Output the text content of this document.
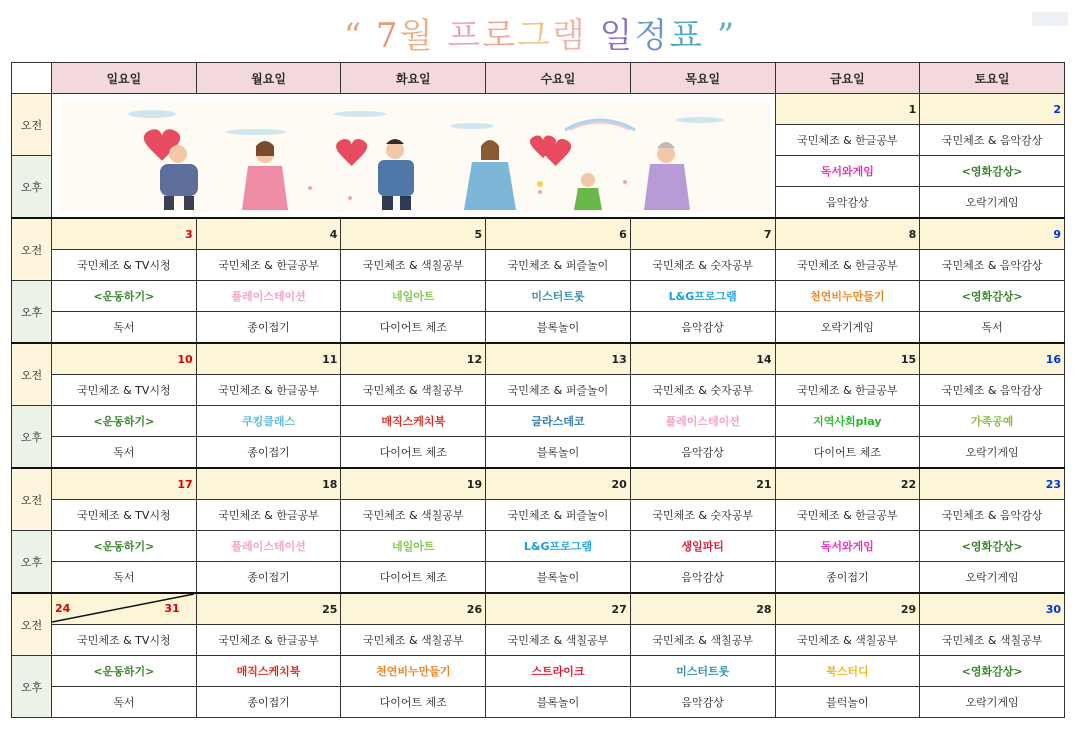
“ 7월 프로그램 일정표 ”

	일요일	월요일	화요일	수요일	목요일	금요일	토요일
오전						1	2
						국민체조 & 한글공부	국민체조 & 음악감상
오후						독서와게임	<영화감상>
						음악감상	오락기게임
오전	3	4	5	6	7	8	9
	국민체조 & TV시청	국민체조 & 한글공부	국민체조 & 색칠공부	국민체조 & 퍼즐놀이	국민체조 & 숫자공부	국민체조 & 한글공부	국민체조 & 음악감상
오후	<운동하기>	플레이스테이션	네일아트	미스터트롯	L&G프로그램	천연비누만들기	<영화감상>
	독서	종이접기	다이어트 체조	블록놀이	음악감상	오락기게임	독서
오전	10	11	12	13	14	15	16
	국민체조 & TV시청	국민체조 & 한글공부	국민체조 & 색칠공부	국민체조 & 퍼즐놀이	국민체조 & 숫자공부	국민체조 & 한글공부	국민체조 & 음악감상
오후	<운동하기>	쿠킹클래스	매직스케치북	글라스데코	플레이스테이션	지역사회play	가족공예
	독서	종이접기	다이어트 체조	블록놀이	음악감상	다이어트 체조	오락기게임
오전	17	18	19	20	21	22	23
	국민체조 & TV시청	국민체조 & 한글공부	국민체조 & 색칠공부	국민체조 & 퍼즐놀이	국민체조 & 숫자공부	국민체조 & 한글공부	국민체조 & 음악감상
오후	<운동하기>	플레이스테이션	네일아트	L&G프로그램	생일파티	독서와게임	<영화감상>
	독서	종이접기	다이어트 체조	블록놀이	음악감상	종이접기	오락기게임
오전	24 31	25	26	27	28	29	30
	국민체조 & TV시청	국민체조 & 한글공부	국민체조 & 색칠공부	국민체조 & 색칠공부	국민체조 & 색칠공부	국민체조 & 색칠공부	국민체조 & 색칠공부
오후	<운동하기>	매직스케치북	천연비누만들기	스트라이크	미스터트롯	북스터디	<영화감상>
	독서	종이접기	다이어트 체조	블록놀이	음악감상	블럭놀이	오락기게임
